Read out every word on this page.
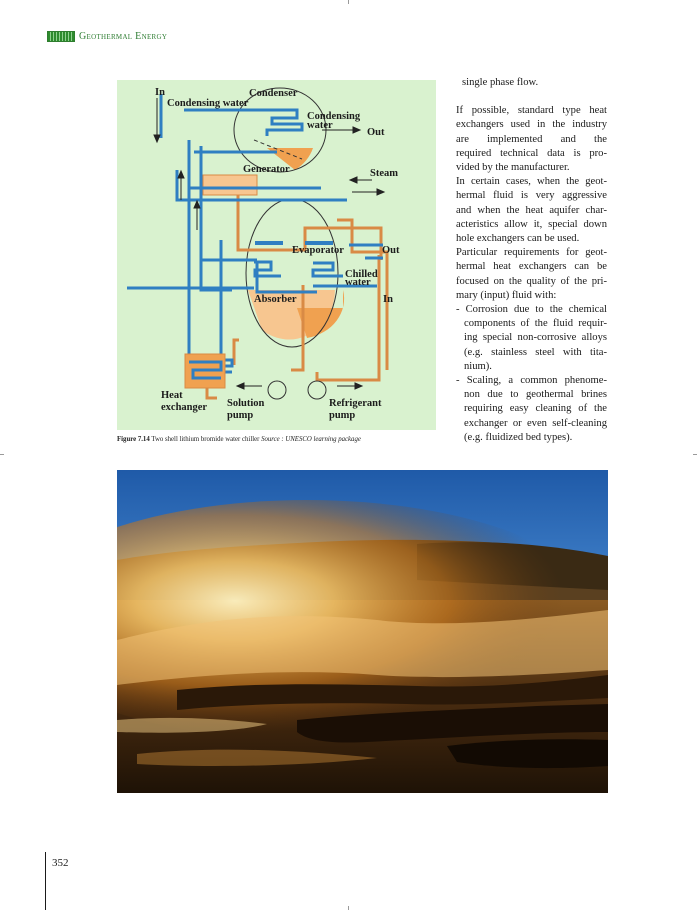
Geothermal Energy
In	Condenser
Condensing water
Condensing
water
Out
Generator	Steam
Evaporator	Out
Chilled
water
In
Absorber
Heat
exchanger Solution
pump
Refrigerant
pump
Figure 7.14 Two shell lithium bromide water chiller Source : UNESCO learning package

single phase flow.

If possible, standard type heat

exchangers used in the industry

are implemented and the

required technical data is pro-

vided by the manufacturer.

In certain cases, when the geot-

hermal fluid is very aggressive

and when the heat aquifer char-

acteristics allow it, special down

hole exchangers can be used.

Particular requirements for geot-

hermal heat exchangers can be

focused on the quality of the pri-

mary (input) fluid with:

- Corrosion due to the chemical

components of the fluid requir-

ing special non-corrosive alloys

(e.g. stainless steel with tita-

nium).

- Scaling, a common phenome-

non due to geothermal brines

requiring easy cleaning of the

exchanger or even self-cleaning

(e.g. fluidized bed types).

352
